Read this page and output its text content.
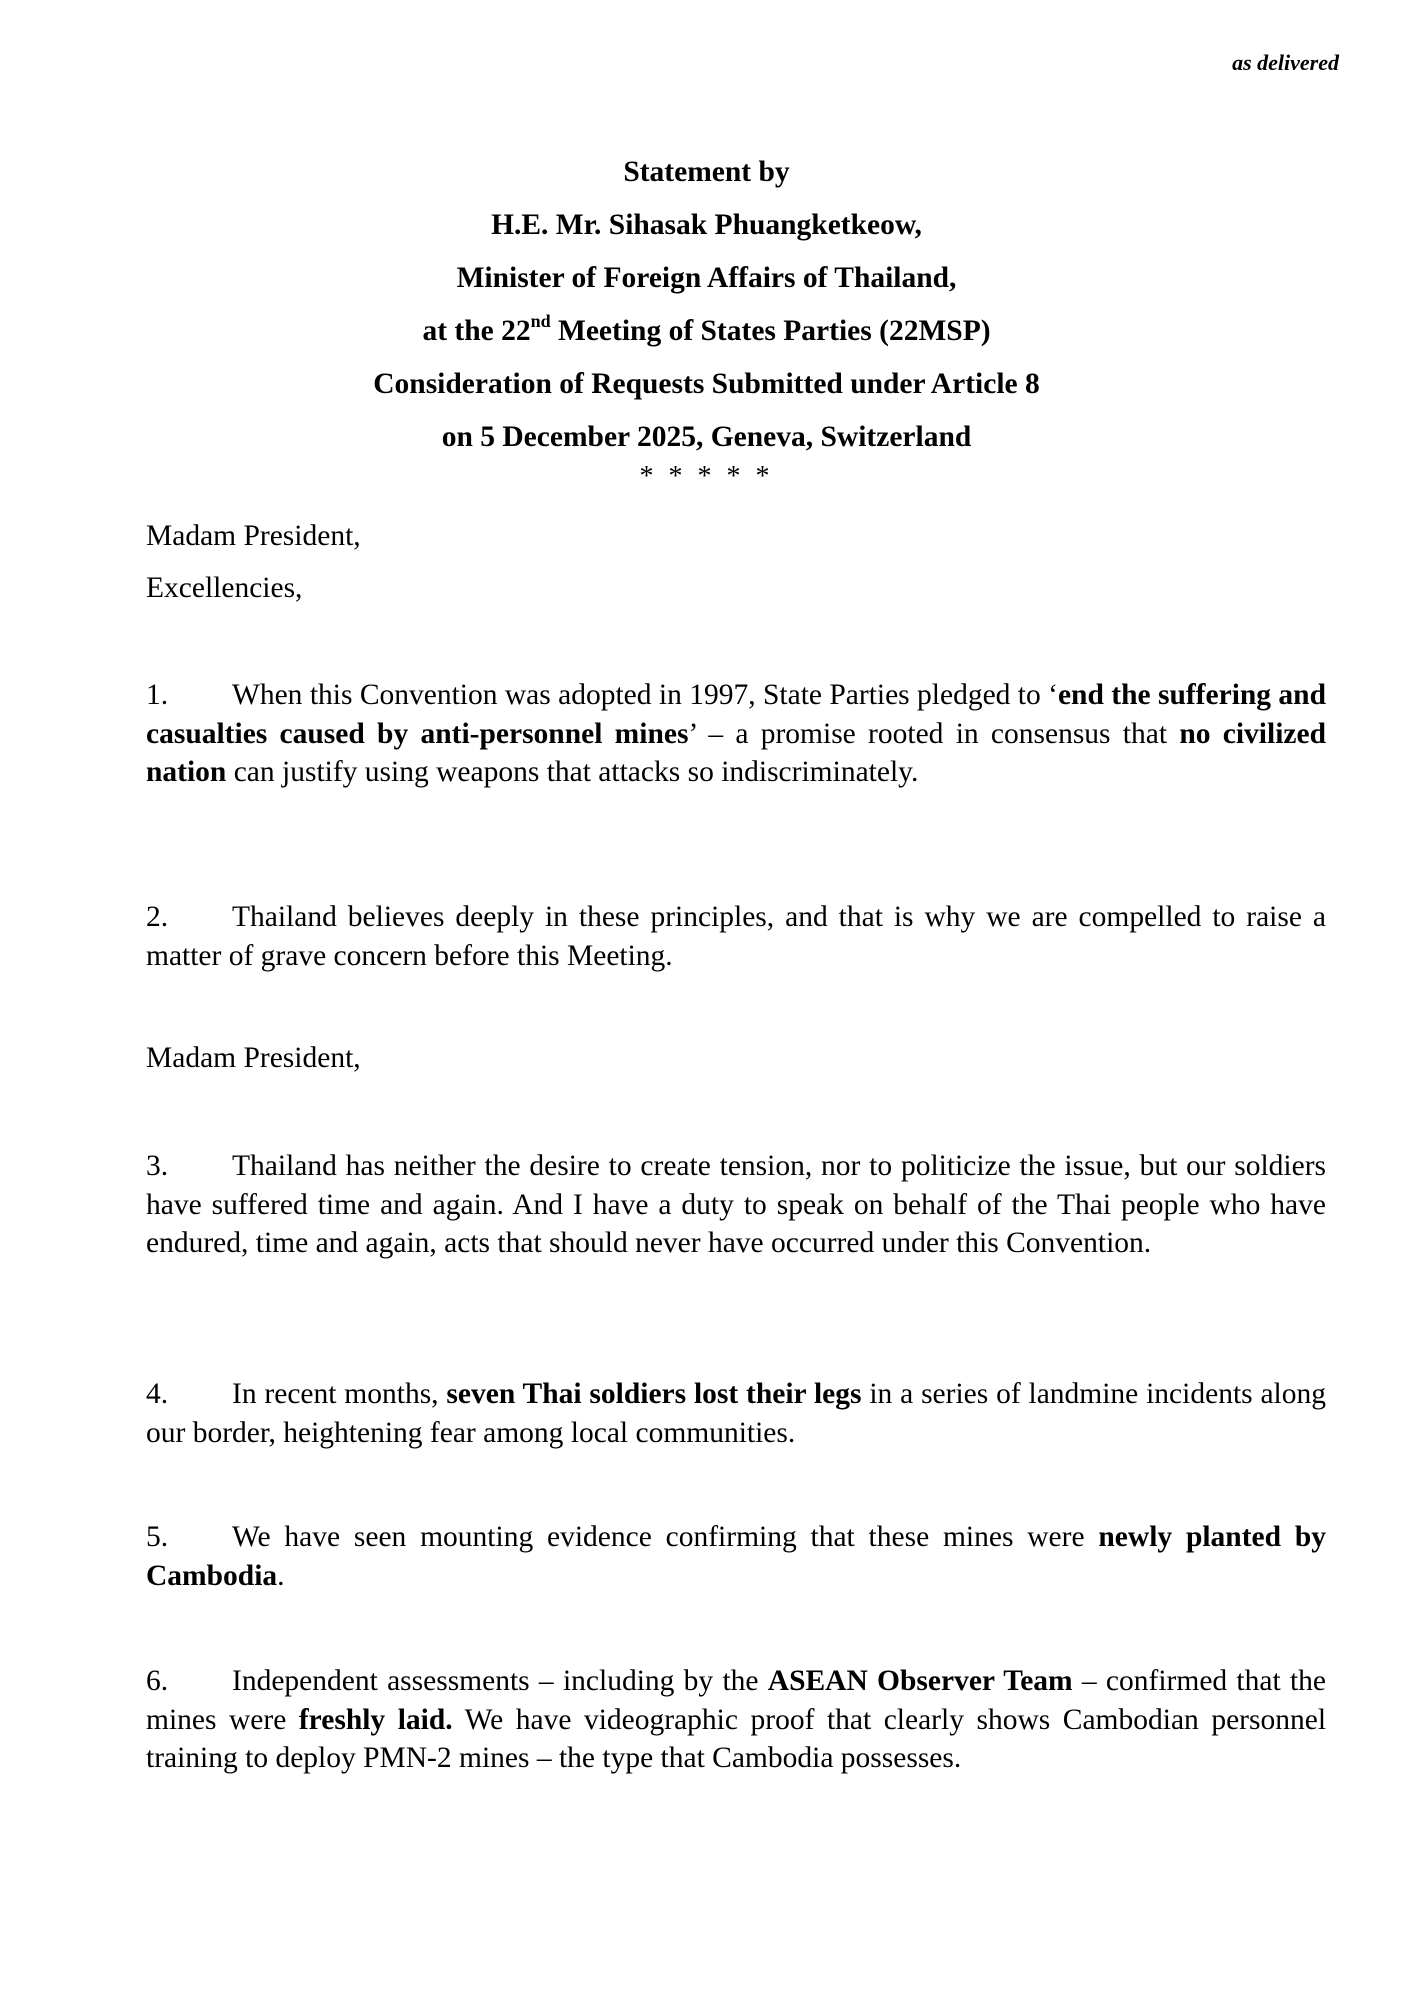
as delivered
Statement by
H.E. Mr. Sihasak Phuangketkeow,
Minister of Foreign Affairs of Thailand,
at the 22nd Meeting of States Parties (22MSP)
Consideration of Requests Submitted under Article 8
on 5 December 2025, Geneva, Switzerland
* * * * *
Madam President,
Excellencies,
1. When this Convention was adopted in 1997, State Parties pledged to ‘end the suffering and casualties caused by anti-personnel mines’ – a promise rooted in consensus that no civilized nation can justify using weapons that attacks so indiscriminately.
2. Thailand believes deeply in these principles, and that is why we are compelled to raise a matter of grave concern before this Meeting.
Madam President,
3. Thailand has neither the desire to create tension, nor to politicize the issue, but our soldiers have suffered time and again. And I have a duty to speak on behalf of the Thai people who have endured, time and again, acts that should never have occurred under this Convention.
4. In recent months, seven Thai soldiers lost their legs in a series of landmine incidents along our border, heightening fear among local communities.
5. We have seen mounting evidence confirming that these mines were newly planted by Cambodia.
6. Independent assessments – including by the ASEAN Observer Team – confirmed that the mines were freshly laid. We have videographic proof that clearly shows Cambodian personnel training to deploy PMN-2 mines – the type that Cambodia possesses.
